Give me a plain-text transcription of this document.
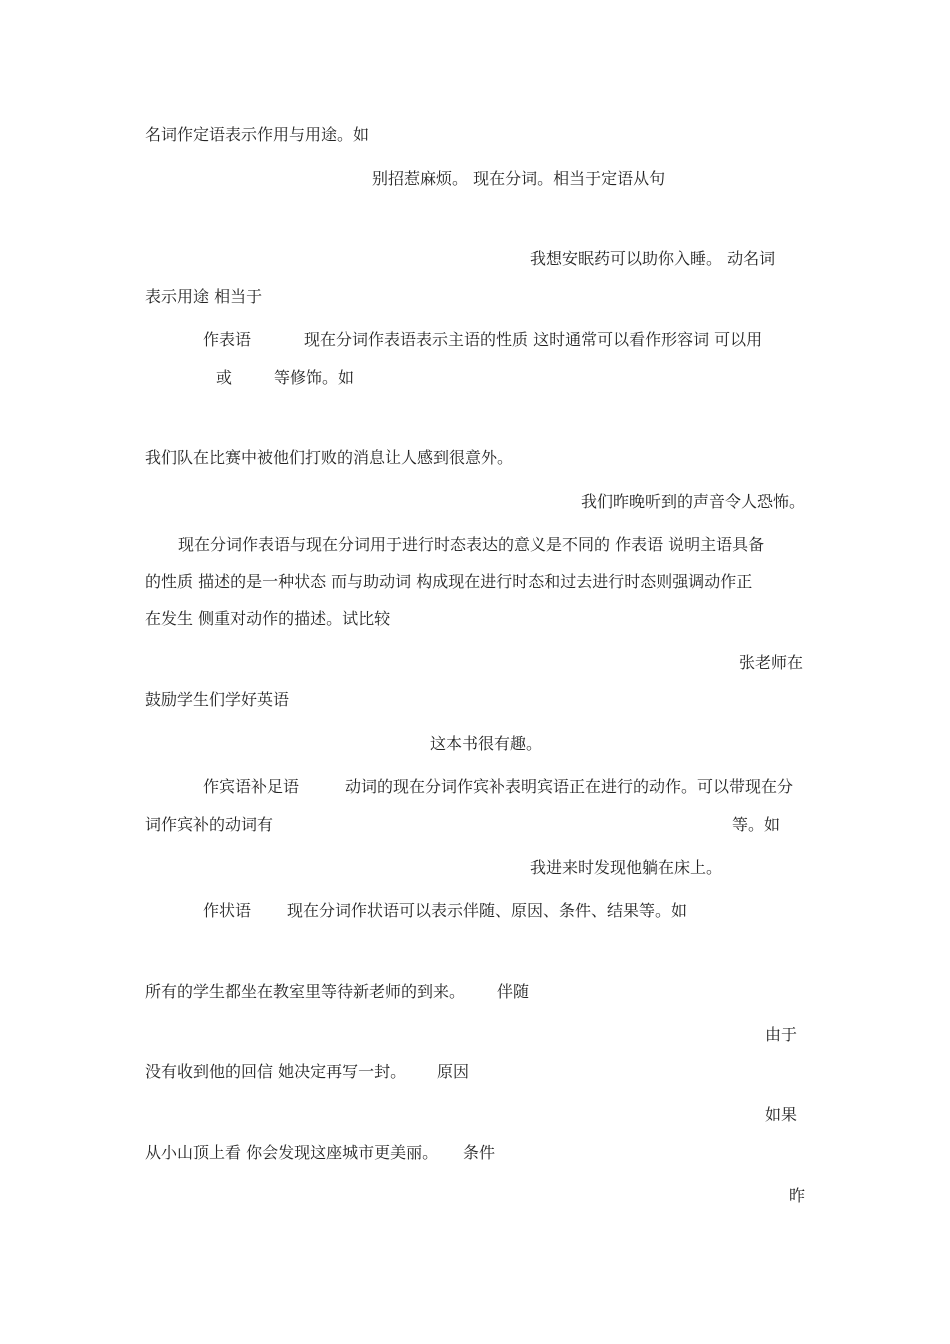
名词作定语表示作用与用途。如
别招惹麻烦。 现在分词。相当于定语从句
我想安眠药可以助你入睡。 动名词
表示用途 相当于
作表语	现在分词作表语表示主语的性质 这时通常可以看作形容词 可以用
或	等修饰。如
我们队在比赛中被他们打败的消息让人感到很意外。
我们昨晚听到的声音令人恐怖。
现在分词作表语与现在分词用于进行时态表达的意义是不同的 作表语 说明主语具备
的性质 描述的是一种状态 而与助动词 构成现在进行时态和过去进行时态则强调动作正
在发生 侧重对动作的描述。试比较
张老师在
鼓励学生们学好英语
这本书很有趣。
作宾语补足语	动词的现在分词作宾补表明宾语正在进行的动作。可以带现在分
词作宾补的动词有	等。如
我进来时发现他躺在床上。
作状语 现在分词作状语可以表示伴随、原因、条件、结果等。如
所有的学生都坐在教室里等待新老师的到来。 伴随
由于
没有收到他的回信 她决定再写一封。 原因
如果
从小山顶上看 你会发现这座城市更美丽。 条件
昨
